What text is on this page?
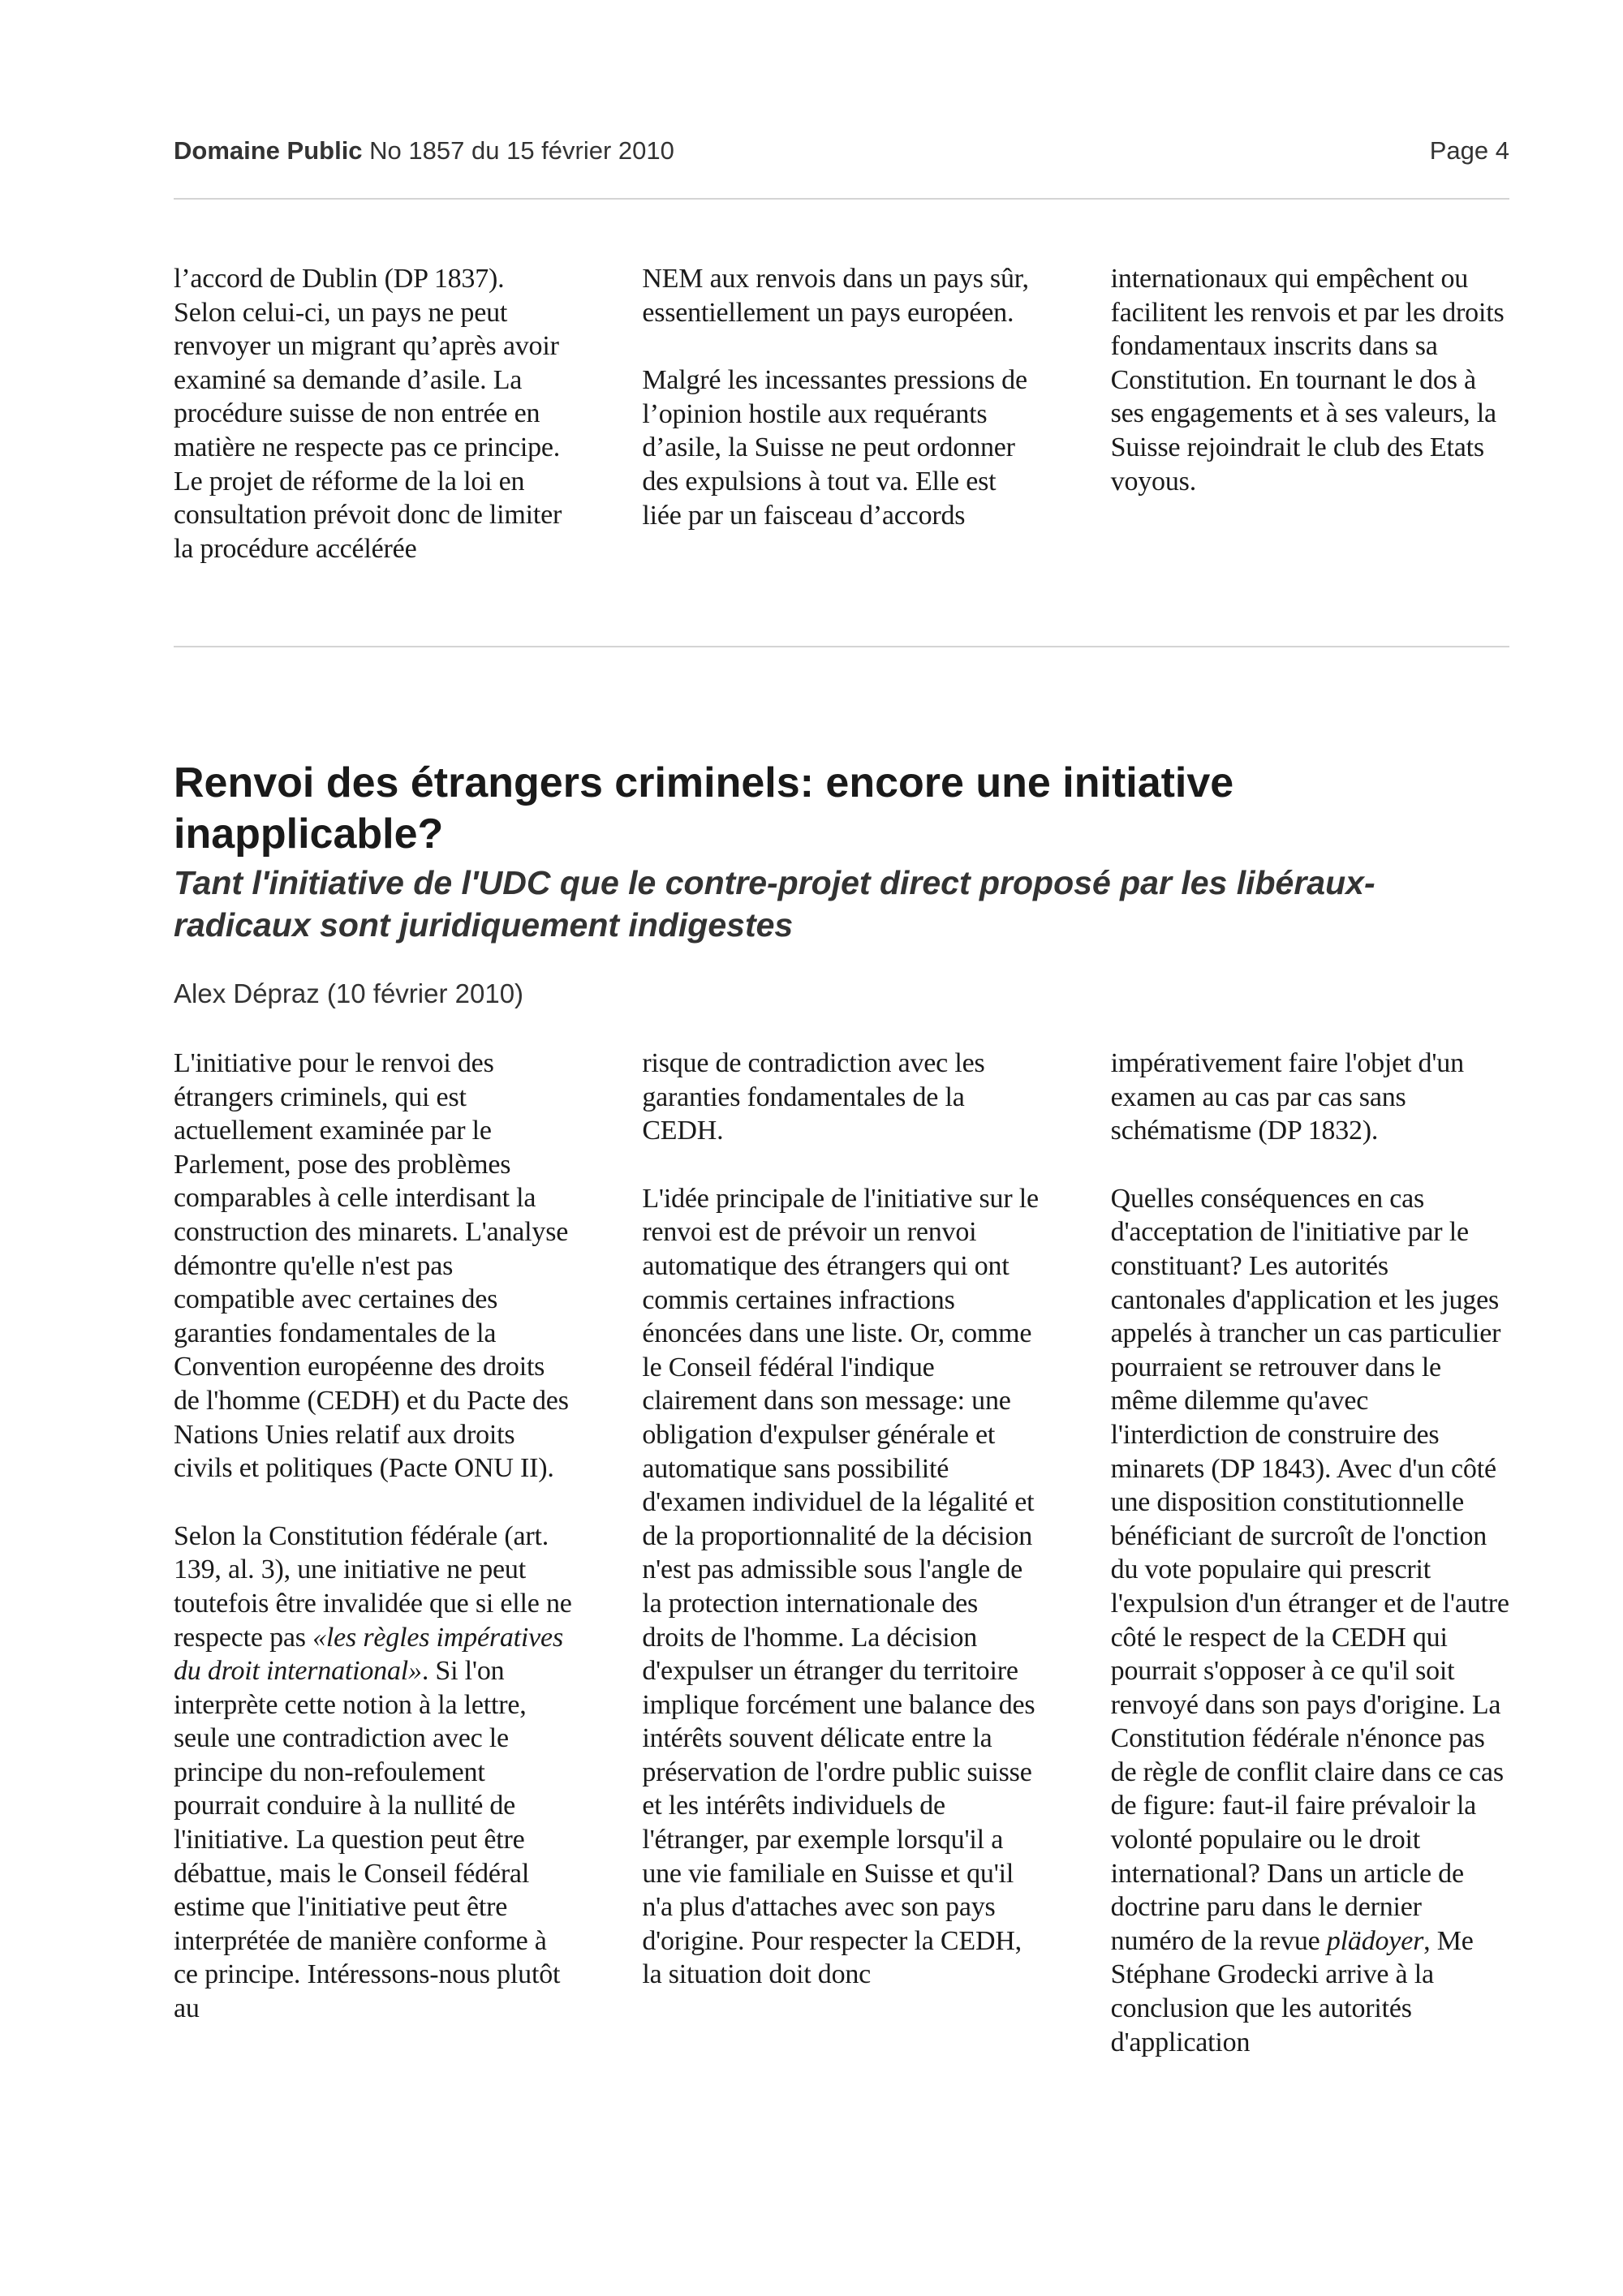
Domaine Public No 1857 du 15 février 2010	Page 4

l’accord de Dublin (DP 1837). Selon celui-ci, un pays ne peut renvoyer un migrant qu’après avoir examiné sa demande d’asile. La procédure suisse de non entrée en matière ne respecte pas ce principe. Le projet de réforme de la loi en consultation prévoit donc de limiter la procédure accélérée

NEM aux renvois dans un pays sûr, essentiellement un pays européen.

Malgré les incessantes pressions de l’opinion hostile aux requérants d’asile, la Suisse ne peut ordonner des expulsions à tout va. Elle est liée par un faisceau d’accords

internationaux qui empêchent ou facilitent les renvois et par les droits fondamentaux inscrits dans sa Constitution. En tournant le dos à ses engagements et à ses valeurs, la Suisse rejoindrait le club des Etats voyous.

Renvoi des étrangers criminels: encore une initiative inapplicable?
Tant l'initiative de l'UDC que le contre-projet direct proposé par les libéraux-radicaux sont juridiquement indigestes
Alex Dépraz (10 février 2010)

L'initiative pour le renvoi des étrangers criminels, qui est actuellement examinée par le Parlement, pose des problèmes comparables à celle interdisant la construction des minarets. L'analyse démontre qu'elle n'est pas compatible avec certaines des garanties fondamentales de la Convention européenne des droits de l'homme (CEDH) et du Pacte des Nations Unies relatif aux droits civils et politiques (Pacte ONU II).

Selon la Constitution fédérale (art. 139, al. 3), une initiative ne peut toutefois être invalidée que si elle ne respecte pas «les règles impératives du droit international». Si l'on interprète cette notion à la lettre, seule une contradiction avec le principe du non-refoulement pourrait conduire à la nullité de l'initiative. La question peut être débattue, mais le Conseil fédéral estime que l'initiative peut être interprétée de manière conforme à ce principe. Intéressons-nous plutôt au

risque de contradiction avec les garanties fondamentales de la CEDH.

L'idée principale de l'initiative sur le renvoi est de prévoir un renvoi automatique des étrangers qui ont commis certaines infractions énoncées dans une liste. Or, comme le Conseil fédéral l'indique clairement dans son message: une obligation d'expulser générale et automatique sans possibilité d'examen individuel de la légalité et de la proportionnalité de la décision n'est pas admissible sous l'angle de la protection internationale des droits de l'homme. La décision d'expulser un étranger du territoire implique forcément une balance des intérêts souvent délicate entre la préservation de l'ordre public suisse et les intérêts individuels de l'étranger, par exemple lorsqu'il a une vie familiale en Suisse et qu'il n'a plus d'attaches avec son pays d'origine. Pour respecter la CEDH, la situation doit donc

impérativement faire l'objet d'un examen au cas par cas sans schématisme (DP 1832).

Quelles conséquences en cas d'acceptation de l'initiative par le constituant? Les autorités cantonales d'application et les juges appelés à trancher un cas particulier pourraient se retrouver dans le même dilemme qu'avec l'interdiction de construire des minarets (DP 1843). Avec d'un côté une disposition constitutionnelle bénéficiant de surcroît de l'onction du vote populaire qui prescrit l'expulsion d'un étranger et de l'autre côté le respect de la CEDH qui pourrait s'opposer à ce qu'il soit renvoyé dans son pays d'origine. La Constitution fédérale n'énonce pas de règle de conflit claire dans ce cas de figure: faut-il faire prévaloir la volonté populaire ou le droit international? Dans un article de doctrine paru dans le dernier numéro de la revue plädoyer, Me Stéphane Grodecki arrive à la conclusion que les autorités d'application
